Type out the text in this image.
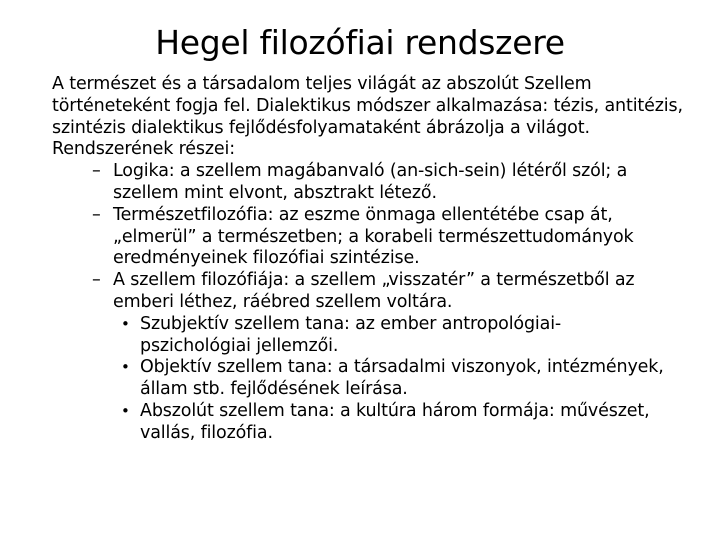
Hegel filozófiai rendszere

A természet és a társadalom teljes világát az abszolút Szellem történeteként fogja fel. Dialektikus módszer alkalmazása: tézis, antitézis, szintézis dialektikus fejlődésfolyamataként ábrázolja a világot.

Rendszerének részei:

– Logika: a szellem magábanvaló (an-sich-sein) létéről szól; a szellem mint elvont, absztrakt létező.
– Természetfilozófia: az eszme önmaga ellentétébe csap át, „elmerül” a természetben; a korabeli természettudományok eredményeinek filozófiai szintézise.
– A szellem filozófiája: a szellem „visszatér” a természetből az emberi léthez, ráébred szellem voltára.
• Szubjektív szellem tana: az ember antropológiai-pszichológiai jellemzői.
• Objektív szellem tana: a társadalmi viszonyok, intézmények, állam stb. fejlődésének leírása.
• Abszolút szellem tana: a kultúra három formája: művészet, vallás, filozófia.
